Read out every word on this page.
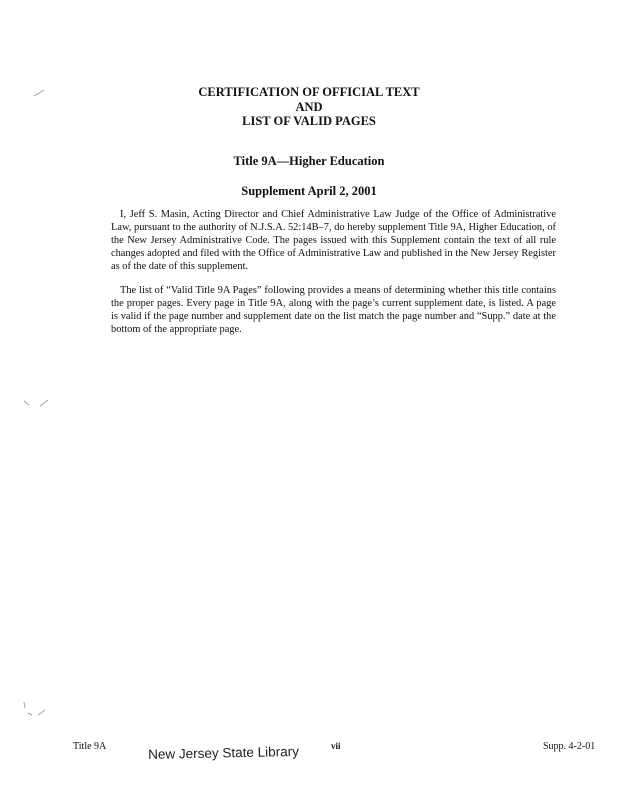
CERTIFICATION OF OFFICIAL TEXT
AND
LIST OF VALID PAGES
Title 9A—Higher Education
Supplement April 2, 2001

I, Jeff S. Masin, Acting Director and Chief Administrative Law Judge of the Office of Administrative Law, pursuant to the authority of N.J.S.A. 52:14B–7, do hereby supplement Title 9A, Higher Education, of the New Jersey Administrative Code. The pages issued with this Supplement contain the text of all rule changes adopted and filed with the Office of Administrative Law and published in the New Jersey Register as of the date of this supplement.

The list of “Valid Title 9A Pages” following provides a means of determining whether this title contains the proper pages. Every page in Title 9A, along with the page’s current supplement date, is listed. A page is valid if the page number and supplement date on the list match the page number and “Supp.” date at the bottom of the appropriate page.

Title 9A	vii	Supp. 4-2-01
New Jersey State Library
